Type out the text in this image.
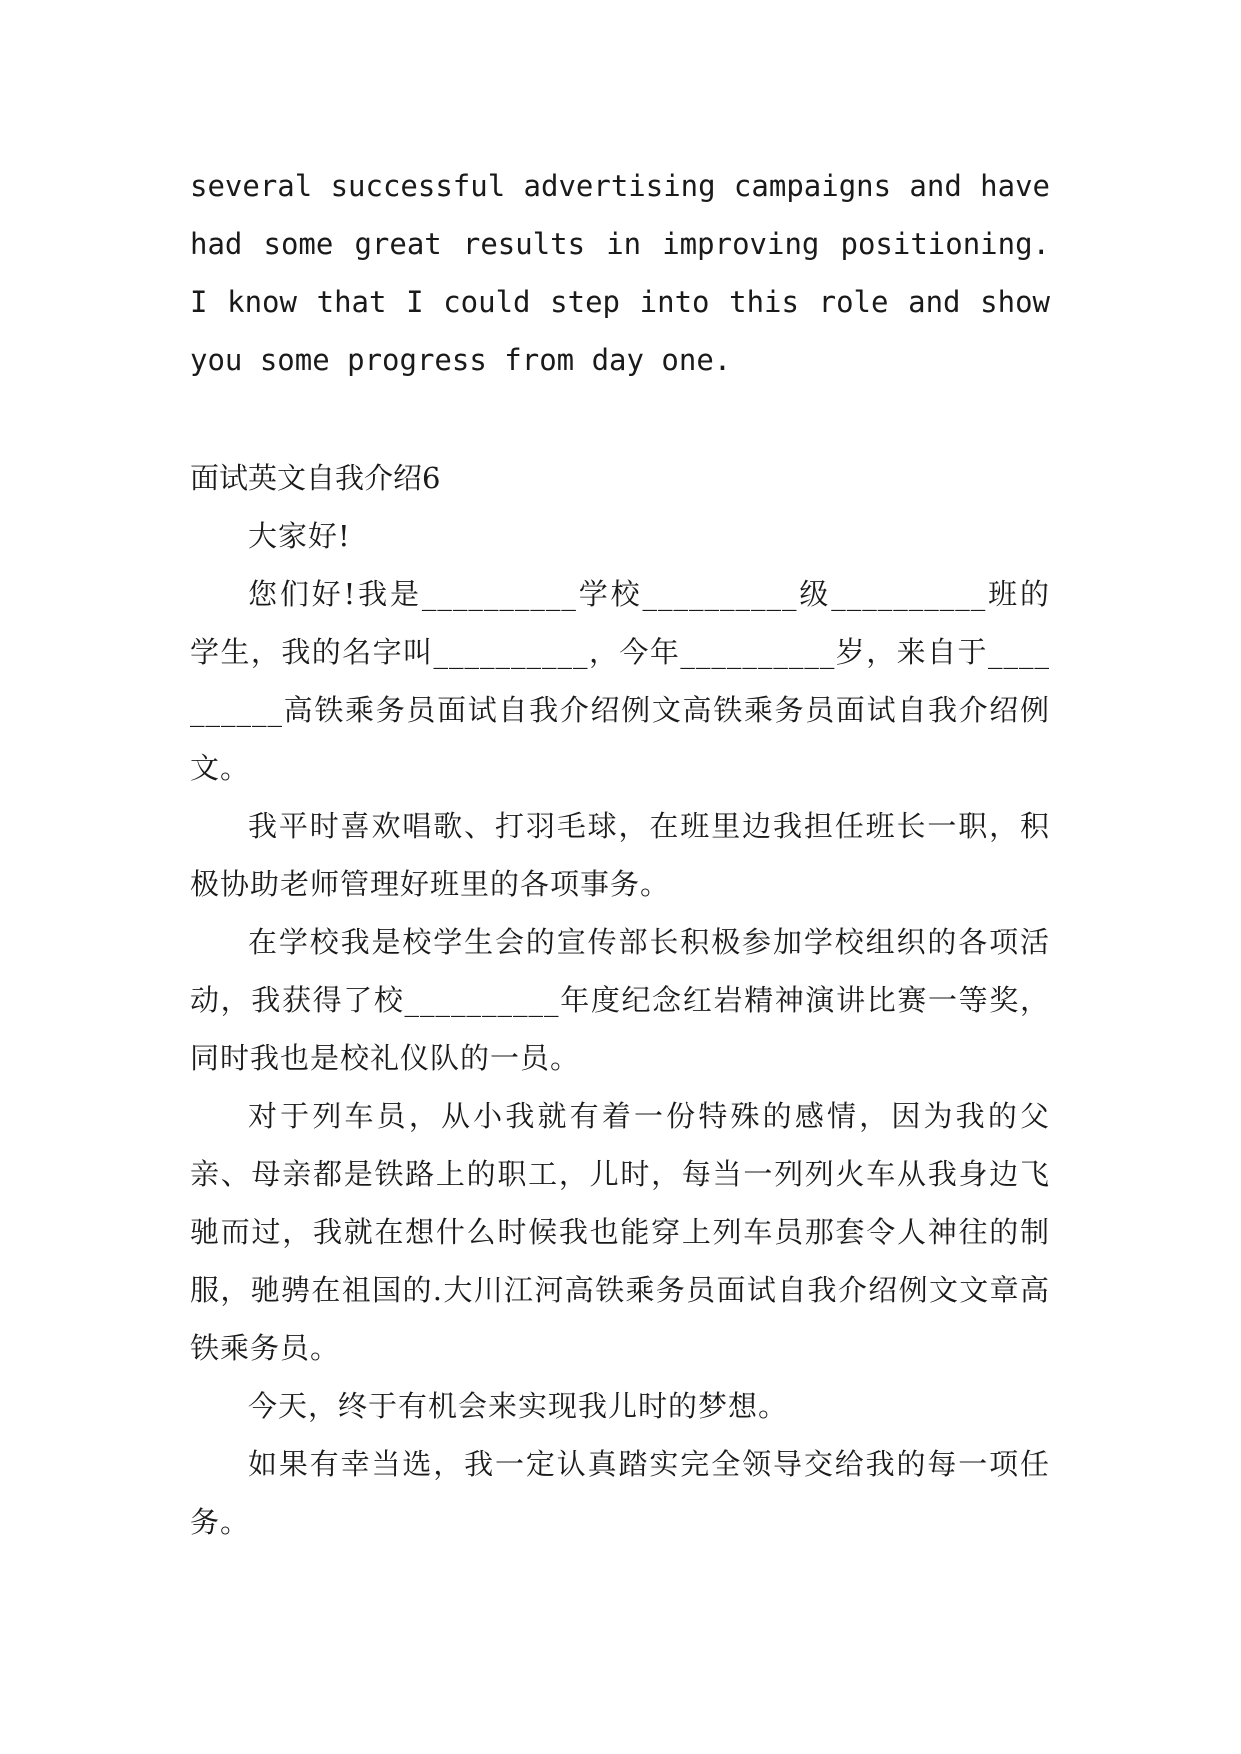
several successful advertising campaigns and have had some great results in improving positioning. I know that I could step into this role and show you some progress from day one.

面试英文自我介绍6

大家好!

您们好!我是__________学校__________级__________班的学生，我的名字叫__________，今年__________岁，来自于__________高铁乘务员面试自我介绍例文高铁乘务员面试自我介绍例文。

我平时喜欢唱歌、打羽毛球，在班里边我担任班长一职，积极协助老师管理好班里的各项事务。

在学校我是校学生会的宣传部长积极参加学校组织的各项活动，我获得了校__________年度纪念红岩精神演讲比赛一等奖，同时我也是校礼仪队的一员。

对于列车员，从小我就有着一份特殊的感情，因为我的父亲、母亲都是铁路上的职工，儿时，每当一列列火车从我身边飞驰而过，我就在想什么时候我也能穿上列车员那套令人神往的制服，驰骋在祖国的.大川江河高铁乘务员面试自我介绍例文文章高铁乘务员。

今天，终于有机会来实现我儿时的梦想。

如果有幸当选，我一定认真踏实完全领导交给我的每一项任务。
